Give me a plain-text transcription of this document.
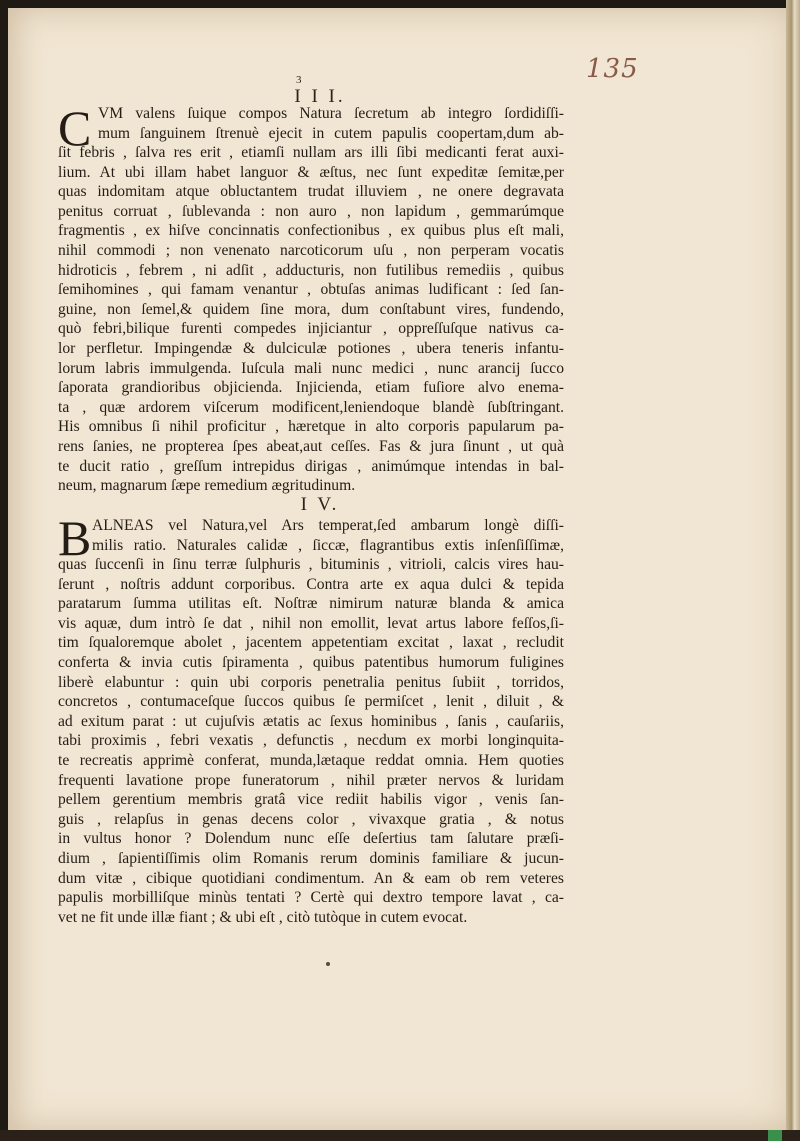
135
3
I I I.
C VM valens ſuique compos Natura ſecretum ab integro ſordidiſſi-
mum ſanguinem ſtrenuè ejecit in cutem papulis coopertam,dum ab-
ſit febris , ſalva res erit , etiamſi nullam ars illi ſibi medicanti ferat auxi-
lium. At ubi illam habet languor & æſtus, nec ſunt expeditæ ſemitæ,per
quas indomitam atque obluctantem trudat illuviem , ne onere degravata
penitus corruat , ſublevanda : non auro , non lapidum , gemmarúmque
fragmentis , ex hiſve concinnatis confectionibus , ex quibus plus eſt mali,
nihil commodi ; non venenato narcoticorum uſu , non perperam vocatis
hidroticis , febrem , ni adſit , adducturis, non futilibus remediis , quibus
ſemihomines , qui famam venantur , obtuſas animas ludificant : ſed ſan-
guine, non ſemel,& quidem ſine mora, dum conſtabunt vires, fundendo,
quò febri,bilique furenti compedes injiciantur , oppreſſuſque nativus ca-
lor perfletur. Impingendæ & dulciculæ potiones , ubera teneris infantu-
lorum labris immulgenda. Iuſcula mali nunc medici , nunc arancij ſucco
ſaporata grandioribus objicienda. Injicienda, etiam fuſiore alvo enema-
ta , quæ ardorem viſcerum modificent,leniendoque blandè ſubſtringant.
His omnibus ſi nihil proficitur , hæretque in alto corporis papularum pa-
rens ſanies, ne propterea ſpes abeat,aut ceſſes. Fas & jura ſinunt , ut quà
te ducit ratio , greſſum intrepidus dirigas , animúmque intendas in bal-
neum, magnarum ſæpe remedium ægritudinum.
I V.
B ALNEAS vel Natura,vel Ars temperat,ſed ambarum longè diſſi-
milis ratio. Naturales calidæ , ſiccæ, flagrantibus extis inſenſiſſimæ,
quas ſuccenſi in ſinu terræ ſulphuris , bituminis , vitrioli, calcis vires hau-
ſerunt , noſtris addunt corporibus. Contra arte ex aqua dulci & tepida
paratarum ſumma utilitas eſt. Noſtræ nimirum naturæ blanda & amica
vis aquæ, dum intrò ſe dat , nihil non emollit, levat artus labore feſſos,ſi-
tim ſqualoremque abolet , jacentem appetentiam excitat , laxat , recludit
conferta & invia cutis ſpiramenta , quibus patentibus humorum fuligines
liberè elabuntur : quin ubi corporis penetralia penitus ſubiit , torridos,
concretos , contumaceſque ſuccos quibus ſe permiſcet , lenit , diluit , &
ad exitum parat : ut cujuſvis ætatis ac ſexus hominibus , ſanis , cauſariis,
tabi proximis , febri vexatis , defunctis , necdum ex morbi longinquita-
te recreatis apprimè conferat, munda,lætaque reddat omnia. Hem quoties
frequenti lavatione prope funeratorum , nihil præter nervos & luridam
pellem gerentium membris gratâ vice rediit habilis vigor , venis ſan-
guis , relapſus in genas decens color , vivaxque gratia , & notus
in vultus honor ? Dolendum nunc eſſe deſertius tam ſalutare præſi-
dium , ſapientiſſimis olim Romanis rerum dominis familiare & jucun-
dum vitæ , cibique quotidiani condimentum. An & eam ob rem veteres
papulis morbilliſque minùs tentati ? Certè qui dextro tempore lavat , ca-
vet ne fit unde illæ fiant ; & ubi eſt , citò tutòque in cutem evocat.
